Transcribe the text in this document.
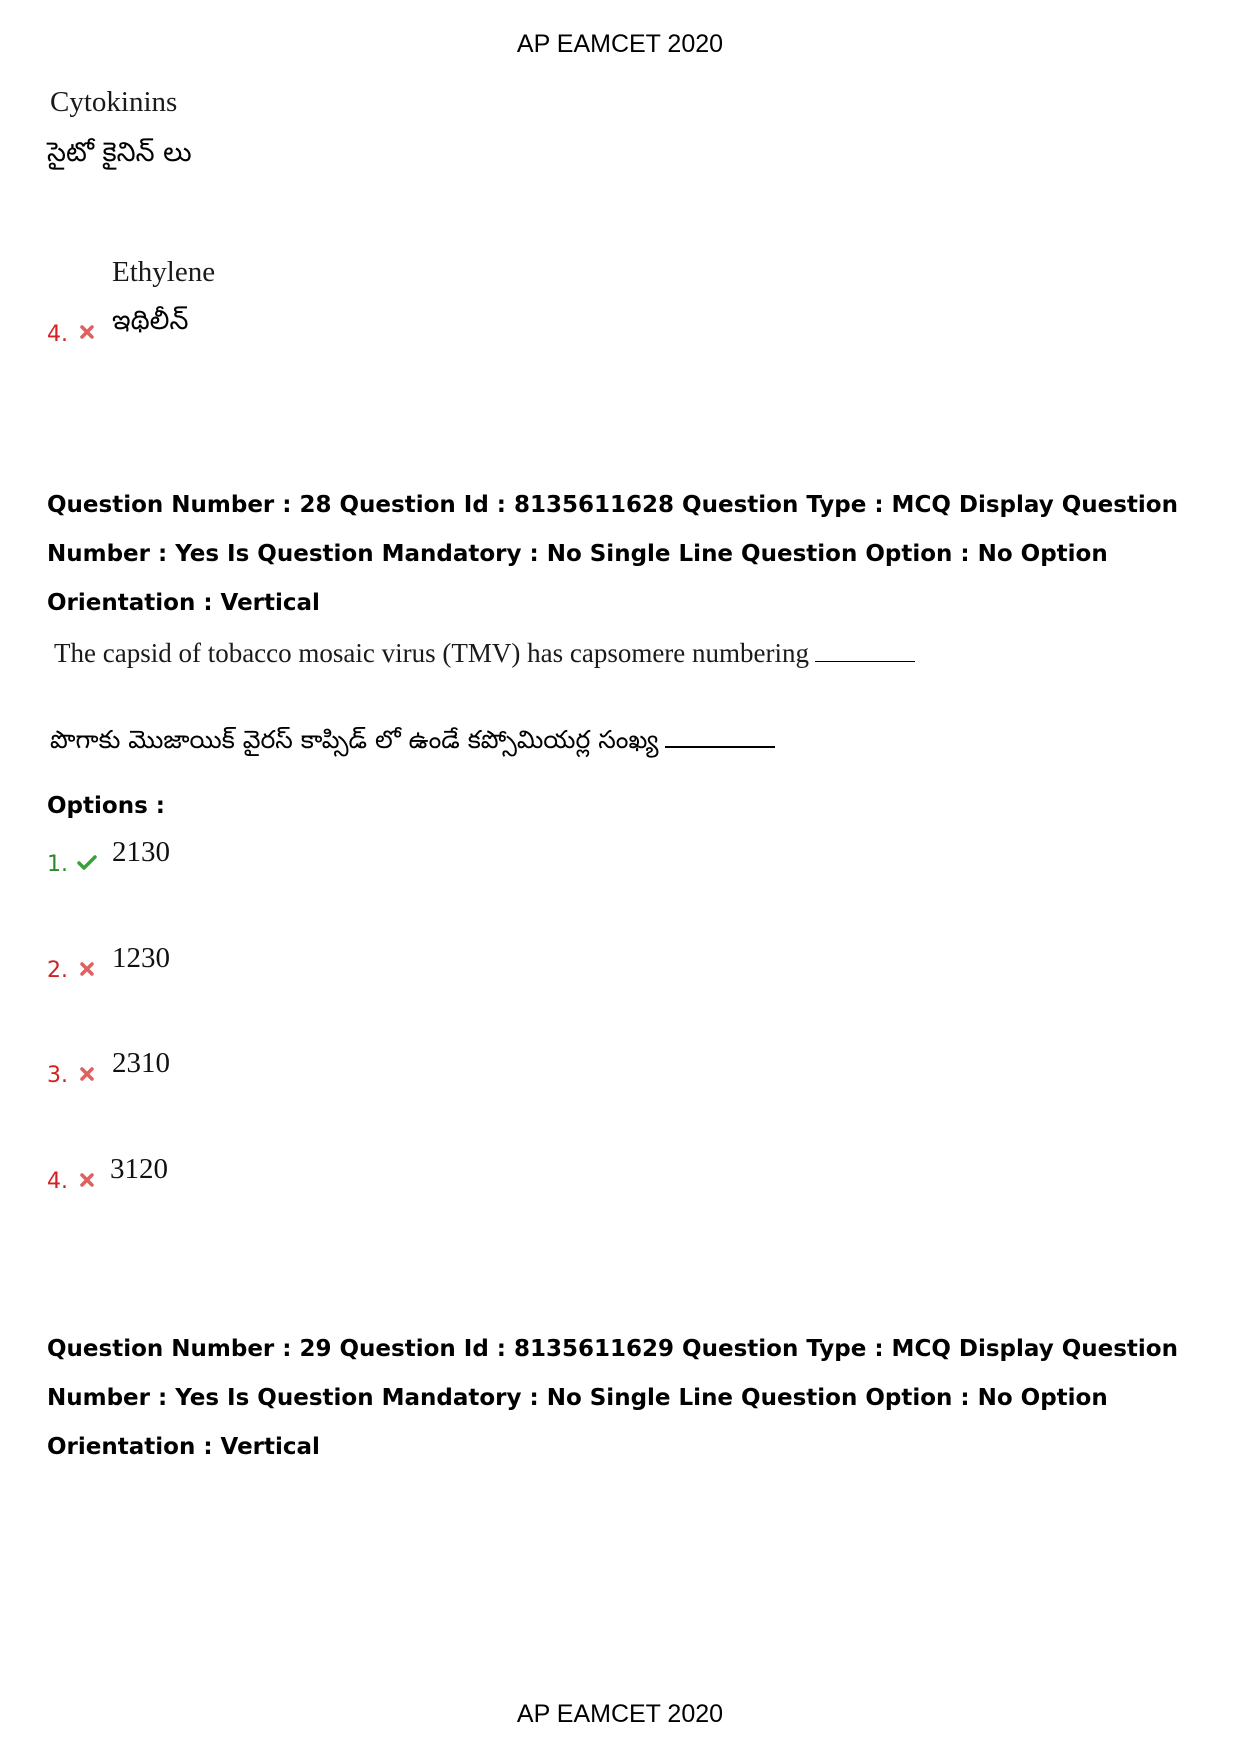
AP EAMCET 2020
Cytokinins
సైటో కైనిన్ లు
Ethylene
4. ఇథిలీన్
Question Number : 28 Question Id : 8135611628 Question Type : MCQ Display Question Number : Yes Is Question Mandatory : No Single Line Question Option : No Option Orientation : Vertical
The capsid of tobacco mosaic virus (TMV) has capsomere numbering
పొగాకు మొజాయిక్ వైరస్ కాప్సిడ్ లో ఉండే కప్సోమియర్ల సంఖ్య
Options :
1. 2130
2. 1230
3. 2310
4. 3120
Question Number : 29 Question Id : 8135611629 Question Type : MCQ Display Question Number : Yes Is Question Mandatory : No Single Line Question Option : No Option Orientation : Vertical
AP EAMCET 2020
